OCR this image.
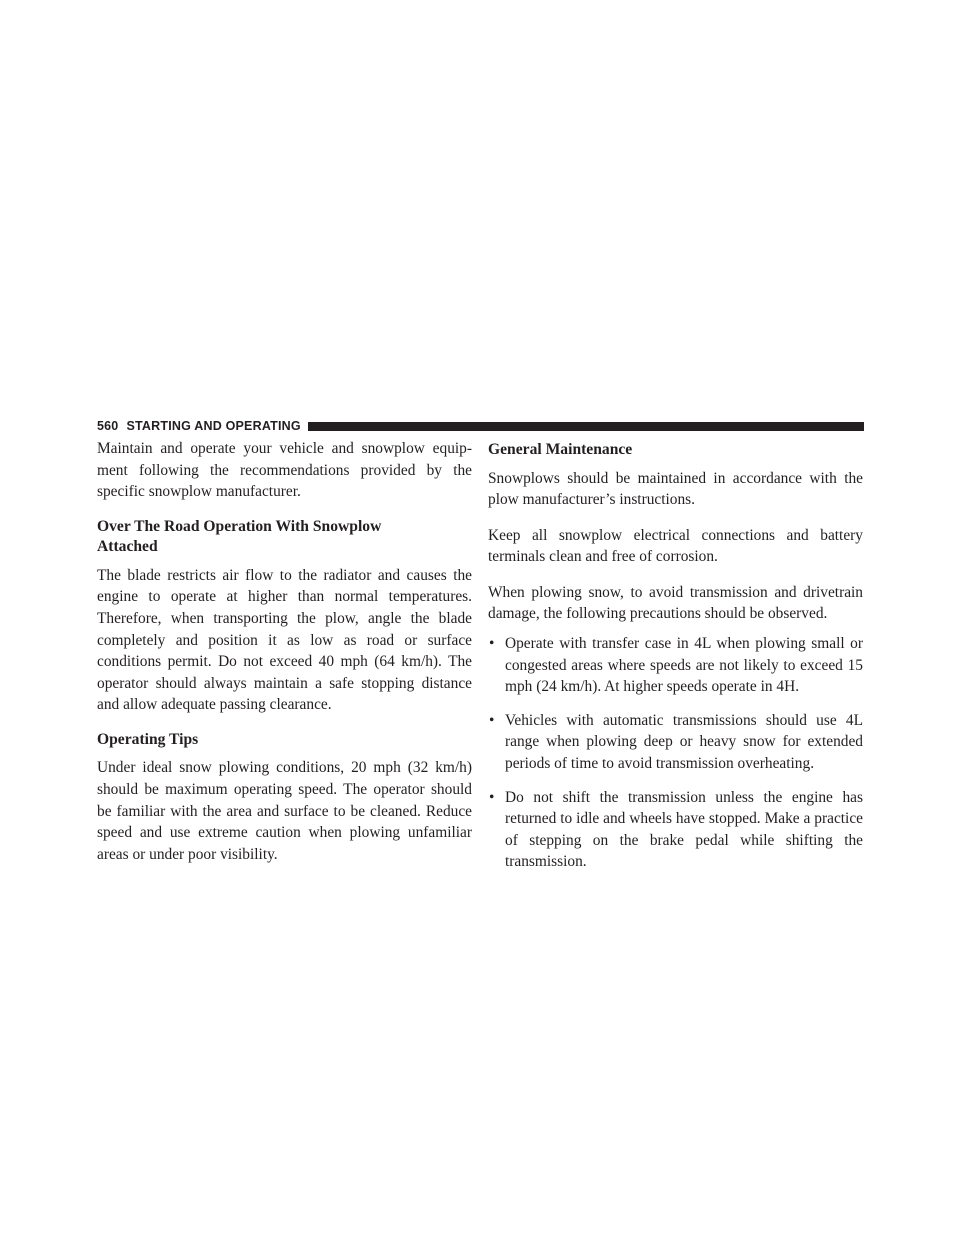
560 STARTING AND OPERATING

Maintain and operate your vehicle and snowplow equip-ment following the recommendations provided by the specific snowplow manufacturer.

Over The Road Operation With Snowplow
Attached

The blade restricts air flow to the radiator and causes the engine to operate at higher than normal temperatures. Therefore, when transporting the plow, angle the blade completely and position it as low as road or surface conditions permit. Do not exceed 40 mph (64 km/h). The operator should always maintain a safe stopping distance and allow adequate passing clearance.

Operating Tips

Under ideal snow plowing conditions, 20 mph (32 km/h) should be maximum operating speed. The operator should be familiar with the area and surface to be cleaned. Reduce speed and use extreme caution when plowing unfamiliar areas or under poor visibility.

General Maintenance

Snowplows should be maintained in accordance with the plow manufacturer’s instructions.

Keep all snowplow electrical connections and battery terminals clean and free of corrosion.

When plowing snow, to avoid transmission and drivetrain damage, the following precautions should be observed.

• Operate with transfer case in 4L when plowing small or congested areas where speeds are not likely to exceed 15 mph (24 km/h). At higher speeds operate in 4H.
• Vehicles with automatic transmissions should use 4L range when plowing deep or heavy snow for extended periods of time to avoid transmission overheating.
• Do not shift the transmission unless the engine has returned to idle and wheels have stopped. Make a practice of stepping on the brake pedal while shifting the transmission.
